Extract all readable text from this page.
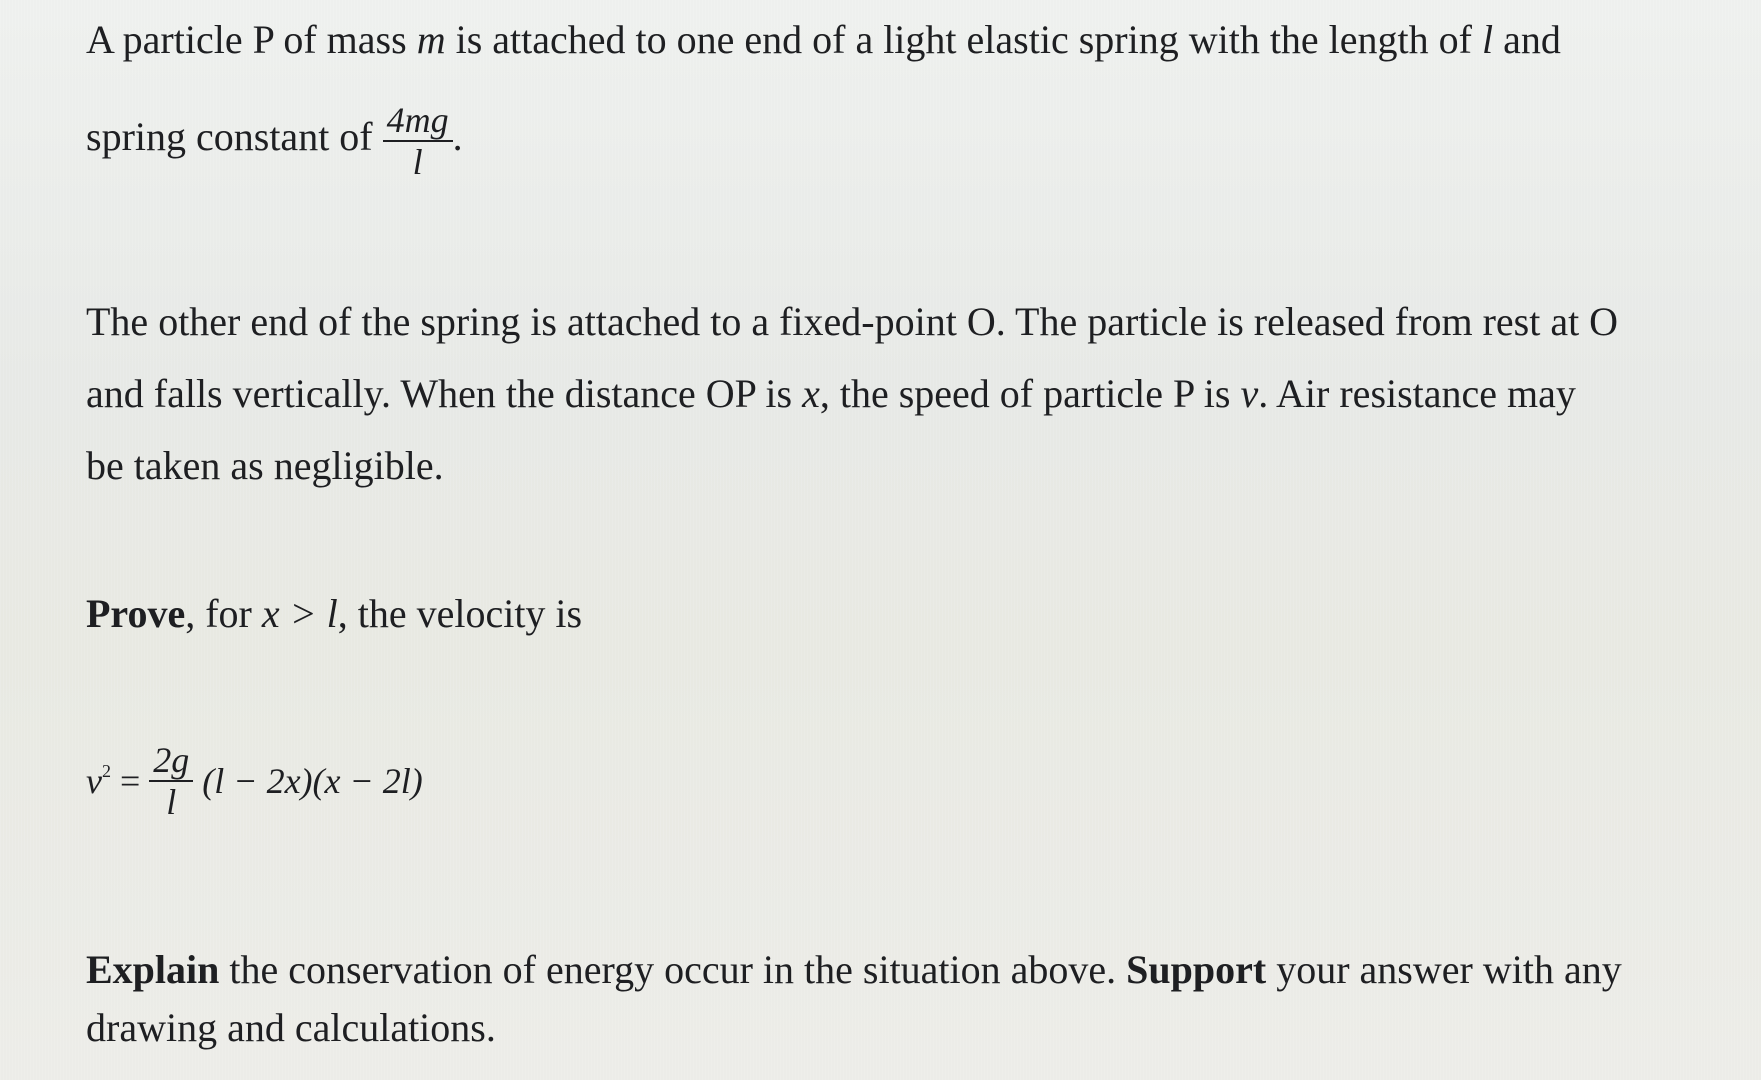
A particle P of mass m is attached to one end of a light elastic spring with the length of l and

spring constant of $\frac{4mg}{l}$ .

The other end of the spring is attached to a fixed-point O. The particle is released from rest at O

and falls vertically. When the distance OP is x, the speed of particle P is v. Air resistance may

be taken as negligible.

Prove, for x > l, the velocity is

$v^2 = \frac{2g}{l} (l - 2x)(x - 2l)$

Explain the conservation of energy occur in the situation above. Support your answer with any

drawing and calculations.
